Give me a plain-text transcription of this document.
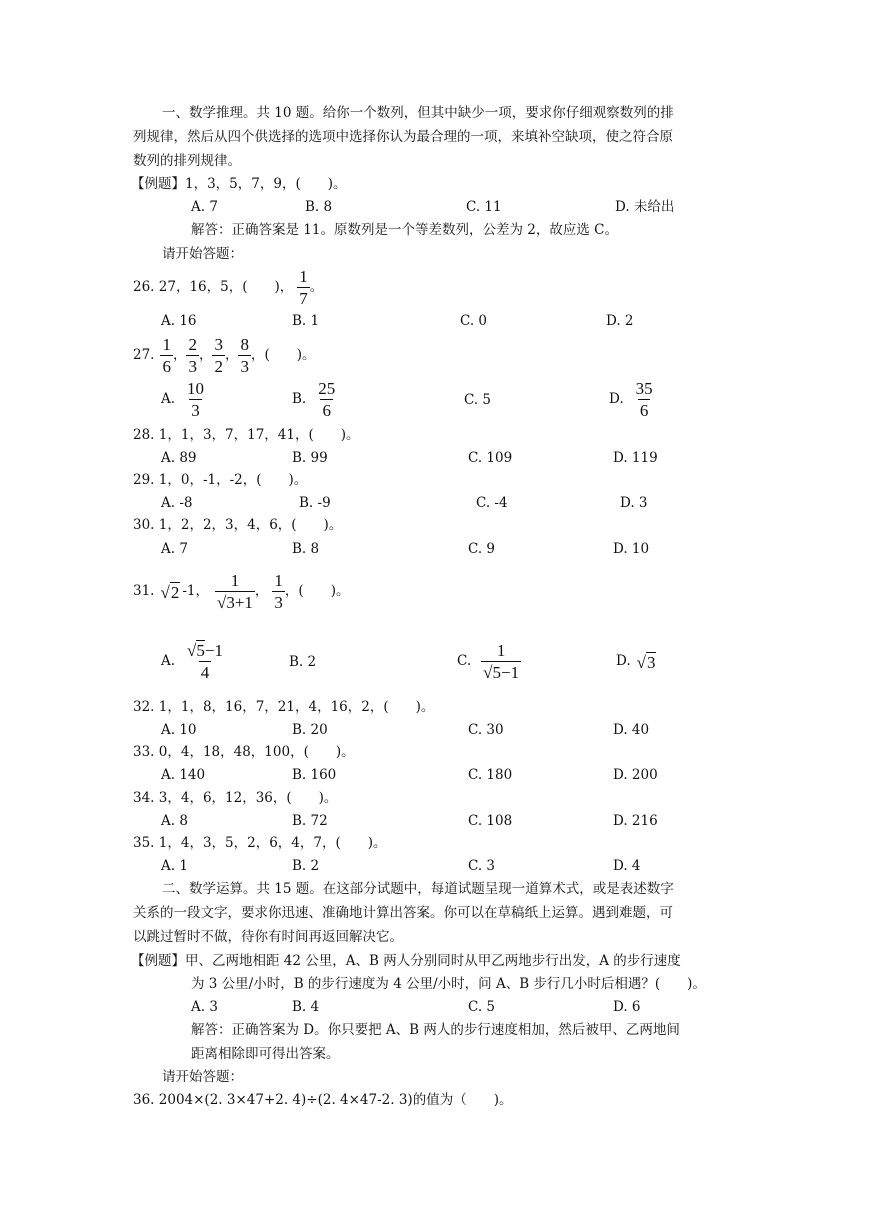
一、数学推理。共 10 题。给你一个数列，但其中缺少一项，要求你仔细观察数列的排
列规律，然后从四个供选择的选项中选择你认为最合理的一项，来填补空缺项，使之符合原
数列的排列规律。
【例题】1，3，5，7，9，(　　)。
A. 7	B. 8	C. 11	D. 未给出
解答：正确答案是 11。原数列是一个等差数列，公差为 2，故应选 C。
请开始答题：
26. 27，16，5，(　　)， $\frac{1}{7}$ 。
A. 16	B. 1	C. 0	D. 2
27. $\frac{1}{6}$ ， $\frac{2}{3}$ ， $\frac{3}{2}$ ， $\frac{8}{3}$ ，(　　)。
A. $\frac{10}{3}$	B. $\frac{25}{6}$	C. 5	D. $\frac{35}{6}$
28. 1，1，3，7，17，41，(　　)。
A. 89	B. 99	C. 109	D. 119
29. 1，0，-1，-2，(　　)。
A. -8	B. -9	C. -4	D. 3
30. 1，2，2，3，4，6，(　　)。
A. 7	B. 8	C. 9	D. 10
31. √2 -1， $\frac{1}{√3+1}$ ， $\frac{1}{3}$ ，(　　)。
A. $\frac{√5-1}{4}$	B. 2	C. $\frac{1}{√5-1}$	D. √3
32. 1，1，8，16，7，21，4，16，2，(　　)。
A. 10	B. 20	C. 30	D. 40
33. 0，4，18，48，100，(　　)。
A. 140	B. 160	C. 180	D. 200
34. 3，4，6，12，36，(　　)。
A. 8	B. 72	C. 108	D. 216
35. 1，4，3，5，2，6，4，7，(　　)。
A. 1	B. 2	C. 3	D. 4
二、数学运算。共 15 题。在这部分试题中，每道试题呈现一道算术式，或是表述数字
关系的一段文字，要求你迅速、准确地计算出答案。你可以在草稿纸上运算。遇到难题，可
以跳过暂时不做，待你有时间再返回解决它。
【例题】甲、乙两地相距 42 公里，A、B 两人分别同时从甲乙两地步行出发，A 的步行速度
为 3 公里/小时，B 的步行速度为 4 公里/小时，问 A、B 步行几小时后相遇？(　　)。
A. 3	B. 4	C. 5	D. 6
解答：正确答案为 D。你只要把 A、B 两人的步行速度相加，然后被甲、乙两地间
距离相除即可得出答案。
请开始答题：
36. 2004×(2. 3×47+2. 4)÷(2. 4×47-2. 3)的值为（　　)。
